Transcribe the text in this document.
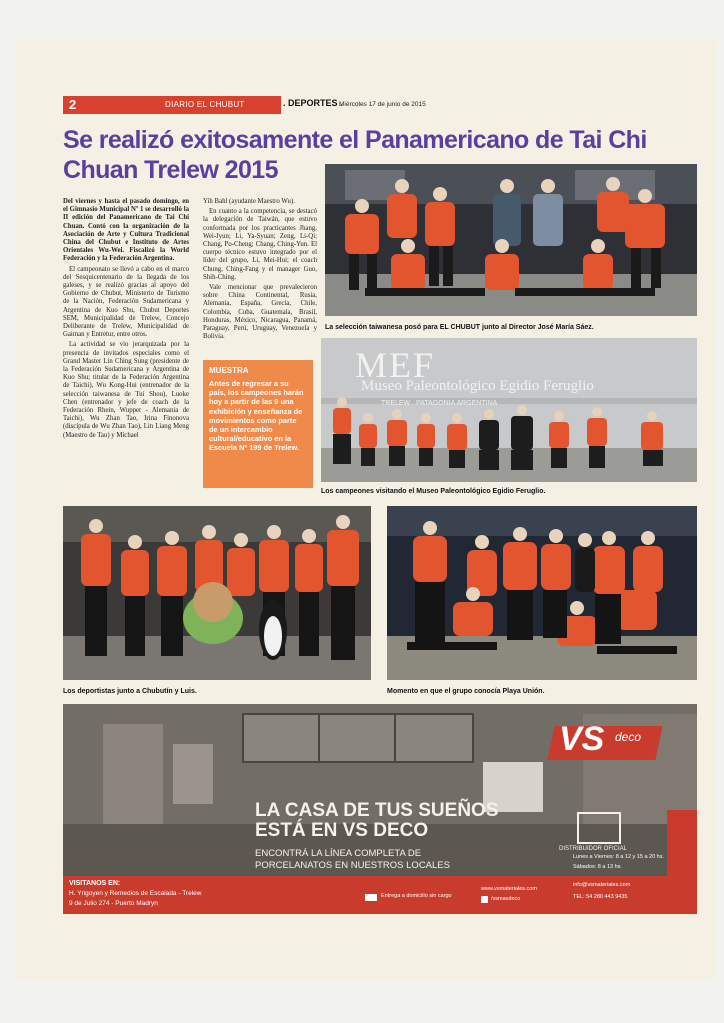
2	DIARIO EL CHUBUT	. DEPORTES .
Miércoles 17 de junio de 2015
Se realizó exitosamente el Panamericano de Tai Chi
Chuan Trelew 2015

Del viernes y hasta el pasado domingo, en el Gimnasio Municipal Nº 1 se desarrolló la II edición del Panamericano de Tai Chi Chuan. Contó con la organización de la Asociación de Arte y Cultura Tradicional China del Chubut e Instituto de Artes Orientales Wu-Wei. Fiscalizó la World Federación y la Federación Argentina.

El campeonato se llevó a cabo en el marco del Sesquicentenario de la llegada de los galeses, y se realizó gracias al apoyo del Gobierno de Chubut, Ministerio de Turismo de la Nación, Federación Sudamericana y Argentina de Kuo Shu, Chubut Deportes SEM, Municipalidad de Trelew, Concejo Deliberante de Trelew, Municipalidad de Gaiman y Entretur, entre otros.

La actividad se vio jerarquizada por la presencia de invitados especiales como el Grand Master Lin Ching Sung (presidente de la Federación Sudamericana y Argentina de Kuo Shu; titular de la Federación Argentina de Taichi), Wu Kong-Hui (entrenador de la selección taiwanesa de Tui Shou), Luoke Chen (entrenador y jefe de coach de la Federación Rhein, Wupper - Alemania de Taichi), Wu Zhan Tao, Irina Finonova (discípula de Wu Zhan Tao), Lin Liang Meng (Maestro de Tao) y Michael

Yih Bahl (ayudante Maestro Wu).

En cuanto a la competencia, se destacó la delegación de Taiwán, que estuvo conformada por los practicantes Jhang, Wei-Jyun; Li, Ya-Syuan; Zeng, Li-Qi; Chang, Po-Cheng; Chang, Ching-Yun. El cuerpo técnico estuvo integrado por el líder del grupo, Li, Mei-Hui; el coach Chung, Ching-Fang y el manager Guo, Shih-Ching.

Vale mencionar que prevalecieron sobre China Continental, Rusia, Alemania, España, Grecia, Chile, Colombia, Cuba, Guatemala, Brasil, Honduras, México, Nicaragua, Panamá, Paraguay, Perú, Uruguay, Venezuela y Bolivia.

MUESTRA
Antes de regresar a su país, los campeones harán hoy a partir de las 9 una exhibición y enseñanza de movimientos como parte de un intercambio cultural/educativo en la Escuela Nº 199 de Trelew.
La selección taiwanesa posó para EL CHUBUT junto al Director José María Sáez.
MEF
Museo Paleontológico Egidio Feruglio
TRELEW . PATAGONIA ARGENTINA
Los campeones visitando el Museo Paleontológico Egidio Feruglio.
Los deportistas junto a Chubutín y Luis.	Momento en que el grupo conocía Playa Unión.
VS deco
LA CASA DE TUS SUEÑOS
ESTÁ EN VS DECO
ENCONTRÁ LA LÍNEA COMPLETA DE
PORCELANATOS EN NUESTROS LOCALES
DISTRIBUIDOR OFICIAL
VISITANOS EN:
H. Yrigoyen y Remedios de Escalada - Trelew
9 de Julio 274 - Puerto Madryn
Entrega a domicilio sin cargo
www.vsmateriales.com
/vsmaxdeco
Lunes a Viernes: 8 a 12 y 15 a 20 hs.
Sábados: 8 a 13 hs.
info@vsmateriales.com
TEL: 54 280 443 9435
